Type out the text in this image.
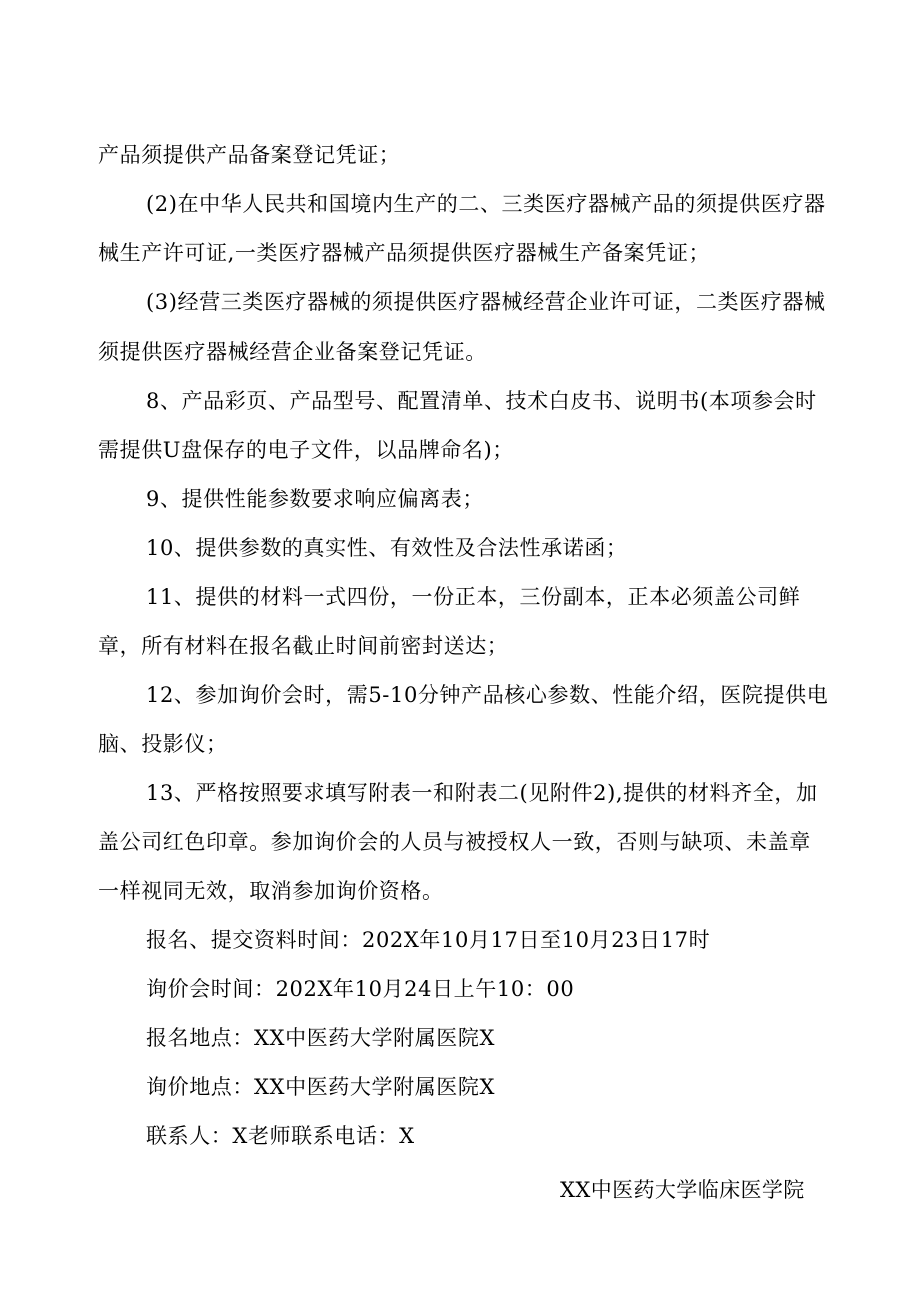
产品须提供产品备案登记凭证；
(2)在中华人民共和国境内生产的二、三类医疗器械产品的须提供医疗器
械生产许可证,一类医疗器械产品须提供医疗器械生产备案凭证；
(3)经营三类医疗器械的须提供医疗器械经营企业许可证，二类医疗器械
须提供医疗器械经营企业备案登记凭证。
8、产品彩页、产品型号、配置清单、技术白皮书、说明书(本项参会时
需提供U盘保存的电子文件，以品牌命名)；
9、提供性能参数要求响应偏离表；
10、提供参数的真实性、有效性及合法性承诺函；
11、提供的材料一式四份，一份正本，三份副本，正本必须盖公司鲜
章，所有材料在报名截止时间前密封送达；
12、参加询价会时，需5-10分钟产品核心参数、性能介绍，医院提供电
脑、投影仪；
13、严格按照要求填写附表一和附表二(见附件2),提供的材料齐全，加
盖公司红色印章。参加询价会的人员与被授权人一致，否则与缺项、未盖章
一样视同无效，取消参加询价资格。
报名、提交资料时间：202X年10月17日至10月23日17时
询价会时间：202X年10月24日上午10：00
报名地点：XX中医药大学附属医院X
询价地点：XX中医药大学附属医院X
联系人：X老师联系电话：X
XX中医药大学临床医学院
